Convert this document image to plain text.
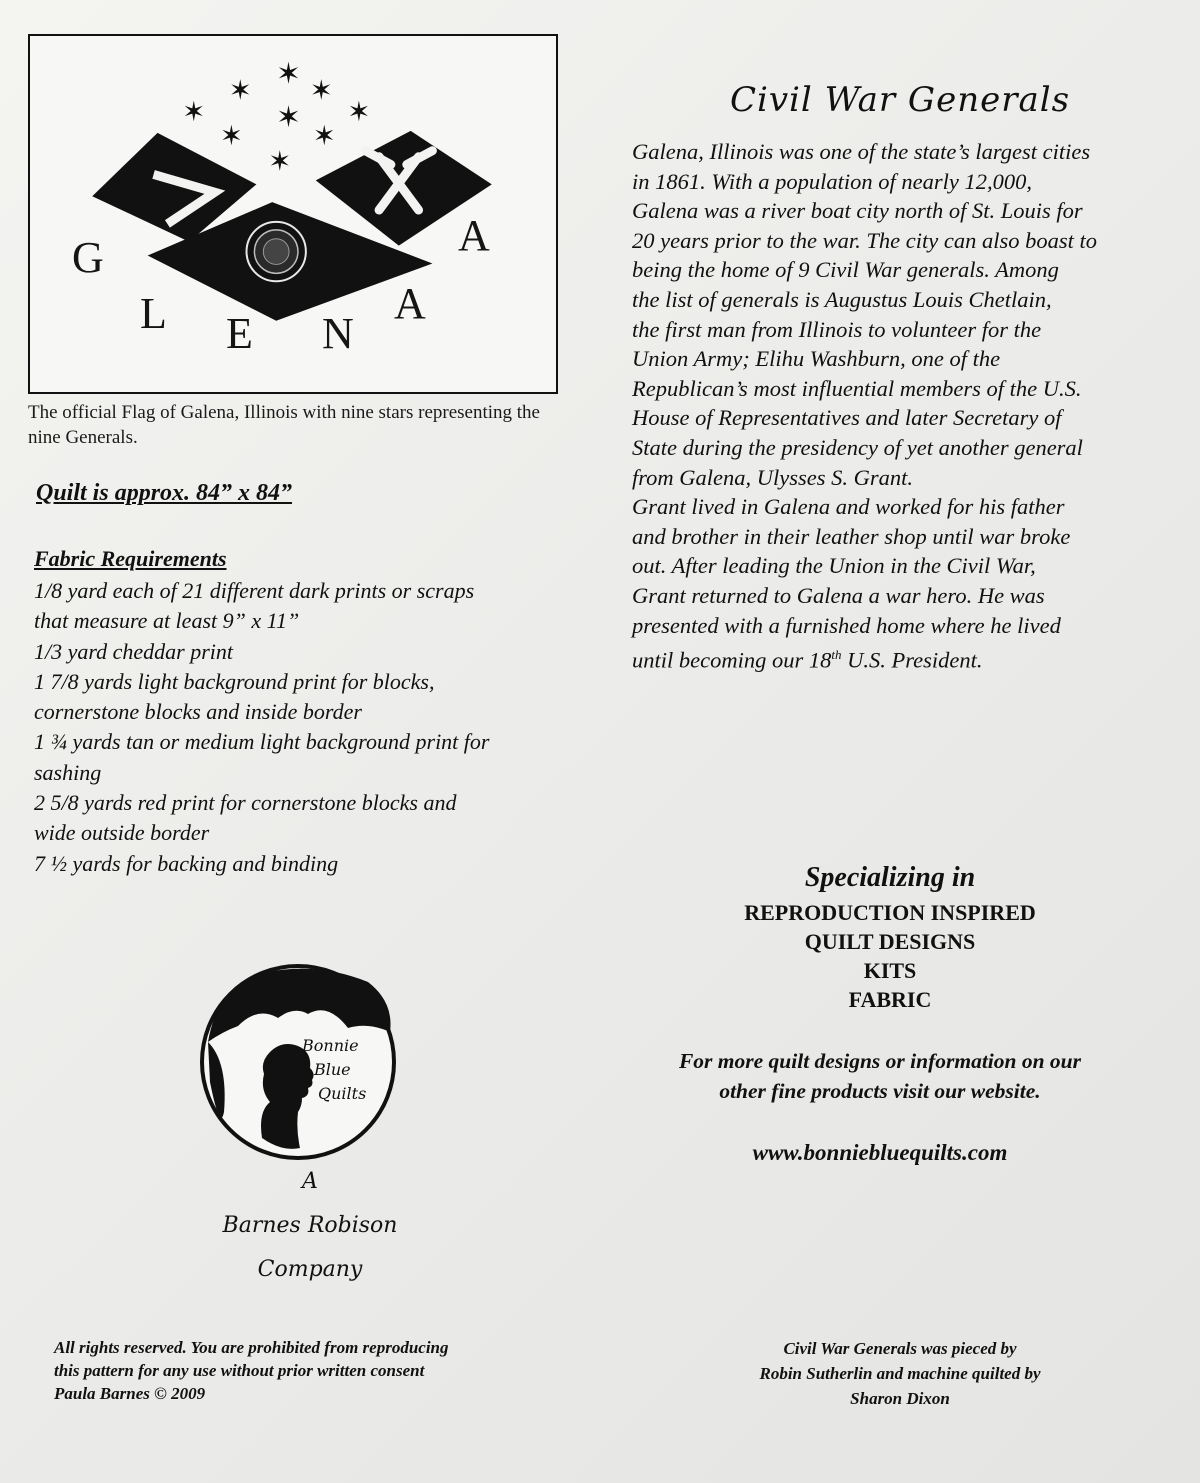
✶
✶ ✶
✶	✶
✶
✶ ✶
✶
G	A
L E N
A
The official Flag of Galena, Illinois with nine stars representing the nine Generals.
Quilt is approx. 84” x 84”
Fabric Requirements
1/8 yard each of 21 different dark prints or scraps
that measure at least 9” x 11”
1/3 yard cheddar print
1 7/8 yards light background print for blocks,
cornerstone blocks and inside border
1 ¾ yards tan or medium light background print for
sashing
2 5/8 yards red print for cornerstone blocks and
wide outside border
7 ½ yards for backing and binding
Bonnie
Blue
Quilts
A
Barnes Robison
Company
All rights reserved. You are prohibited from reproducing
this pattern for any use without prior written consent
Paula Barnes © 2009
Civil War Generals

Galena, Illinois was one of the state’s largest cities

in 1861. With a population of nearly 12,000,

Galena was a river boat city north of St. Louis for

20 years prior to the war. The city can also boast to

being the home of 9 Civil War generals. Among

the list of generals is Augustus Louis Chetlain,

the first man from Illinois to volunteer for the

Union Army; Elihu Washburn, one of the

Republican’s most influential members of the U.S.

House of Representatives and later Secretary of

State during the presidency of yet another general

from Galena, Ulysses S. Grant.

Grant lived in Galena and worked for his father

and brother in their leather shop until war broke

out. After leading the Union in the Civil War,

Grant returned to Galena a war hero. He was

presented with a furnished home where he lived

until becoming our 18th U.S. President.

Specializing in
REPRODUCTION INSPIRED
QUILT DESIGNS
KITS
FABRIC
For more quilt designs or information on our
other fine products visit our website.
www.bonniebluequilts.com
Civil War Generals was pieced by
Robin Sutherlin and machine quilted by
Sharon Dixon
